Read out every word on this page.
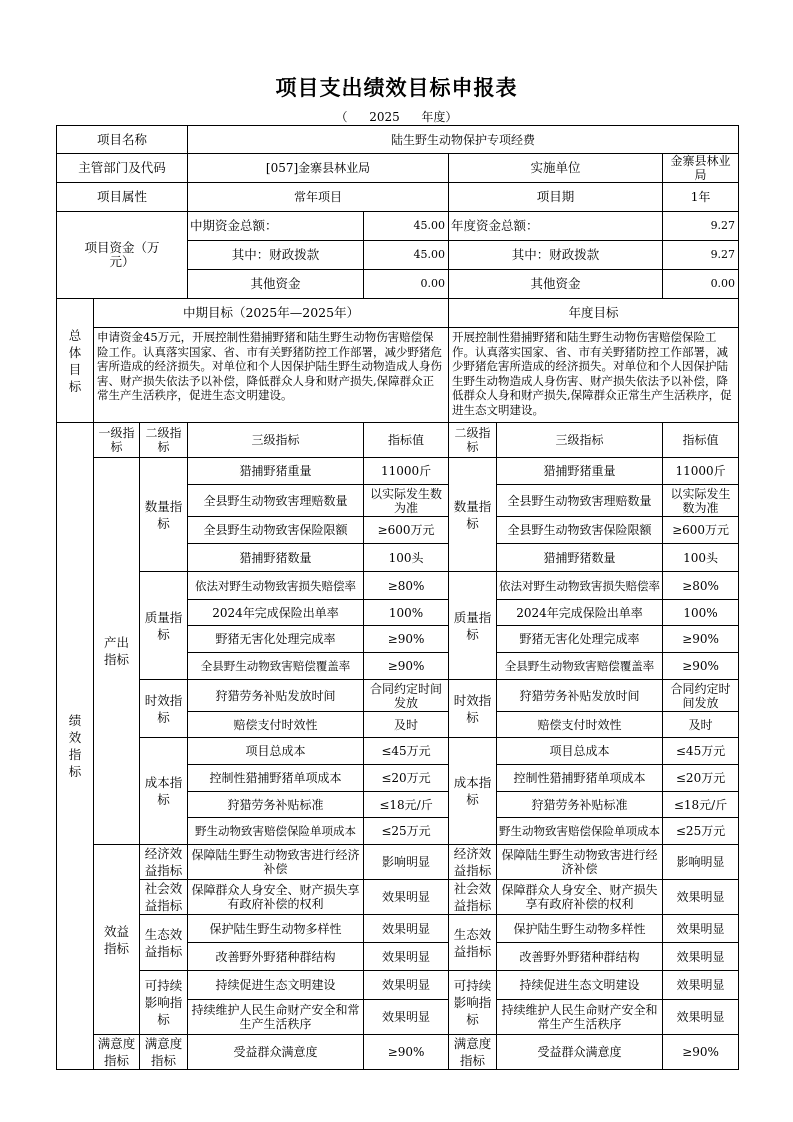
项目支出绩效目标申报表
（ 2025 年度）
项目名称			陆生野生动物保护专项经费				
主管部门及代码			[057]金寨县林业局		实施单位		金寨县林业局
项目属性			常年项目		项目期		1年
项目资金（万元）			中期资金总额：	45.00	年度资金总额：		9.27
			其中：财政拨款	45.00	其中：财政拨款		9.27
			其他资金	0.00	其他资金		0.00
总体目标	中期目标（2025年—2025年）				年度目标		
	申请资金45万元，开展控制性猎捕野猪和陆生野生动物伤害赔偿保险工作。认真落实国家、省、市有关野猪防控工作部署，减少野猪危害所造成的经济损失。对单位和个人因保护陆生野生动物造成人身伤害、财产损失依法予以补偿，降低群众人身和财产损失,保障群众正常生产生活秩序，促进生态文明建设。				开展控制性猎捕野猪和陆生野生动物伤害赔偿保险工作。认真落实国家、省、市有关野猪防控工作部署，减少野猪危害所造成的经济损失。对单位和个人因保护陆生野生动物造成人身伤害、财产损失依法予以补偿，降低群众人身和财产损失,保障群众正常生产生活秩序，促进生态文明建设。		
绩效指标	一级指标	二级指标	三级指标	指标值	二级指标	三级指标	指标值
	产出指标	数量指标	猎捕野猪重量	11000斤	数量指标	猎捕野猪重量	11000斤
			全县野生动物致害理赔数量	以实际发生数为准		全县野生动物致害理赔数量	以实际发生数为准
			全县野生动物致害保险限额	≥600万元		全县野生动物致害保险限额	≥600万元
			猎捕野猪数量	100头		猎捕野猪数量	100头
		质量指标	依法对野生动物致害损失赔偿率	≥80%	质量指标	依法对野生动物致害损失赔偿率	≥80%
			2024年完成保险出单率	100%		2024年完成保险出单率	100%
			野猪无害化处理完成率	≥90%		野猪无害化处理完成率	≥90%
			全县野生动物致害赔偿覆盖率	≥90%		全县野生动物致害赔偿覆盖率	≥90%
		时效指标	狩猎劳务补贴发放时间	合同约定时间发放	时效指标	狩猎劳务补贴发放时间	合同约定时间发放
			赔偿支付时效性	及时		赔偿支付时效性	及时
		成本指标	项目总成本	≤45万元	成本指标	项目总成本	≤45万元
			控制性猎捕野猪单项成本	≤20万元		控制性猎捕野猪单项成本	≤20万元
			狩猎劳务补贴标准	≤18元/斤		狩猎劳务补贴标准	≤18元/斤
			野生动物致害赔偿保险单项成本	≤25万元		野生动物致害赔偿保险单项成本	≤25万元
	效益指标	经济效益指标	保障陆生野生动物致害进行经济补偿	影响明显	经济效益指标	保障陆生野生动物致害进行经济补偿	影响明显
		社会效益指标	保障群众人身安全、财产损失享有政府补偿的权利	效果明显	社会效益指标	保障群众人身安全、财产损失享有政府补偿的权利	效果明显
		生态效益指标	保护陆生野生动物多样性	效果明显	生态效益指标	保护陆生野生动物多样性	效果明显
			改善野外野猪种群结构	效果明显		改善野外野猪种群结构	效果明显
		可持续影响指标	持续促进生态文明建设	效果明显	可持续影响指标	持续促进生态文明建设	效果明显
			持续维护人民生命财产安全和常生产生活秩序	效果明显		持续维护人民生命财产安全和常生产生活秩序	效果明显
	满意度指标	满意度指标	受益群众满意度	≥90%	满意度指标	受益群众满意度	≥90%
